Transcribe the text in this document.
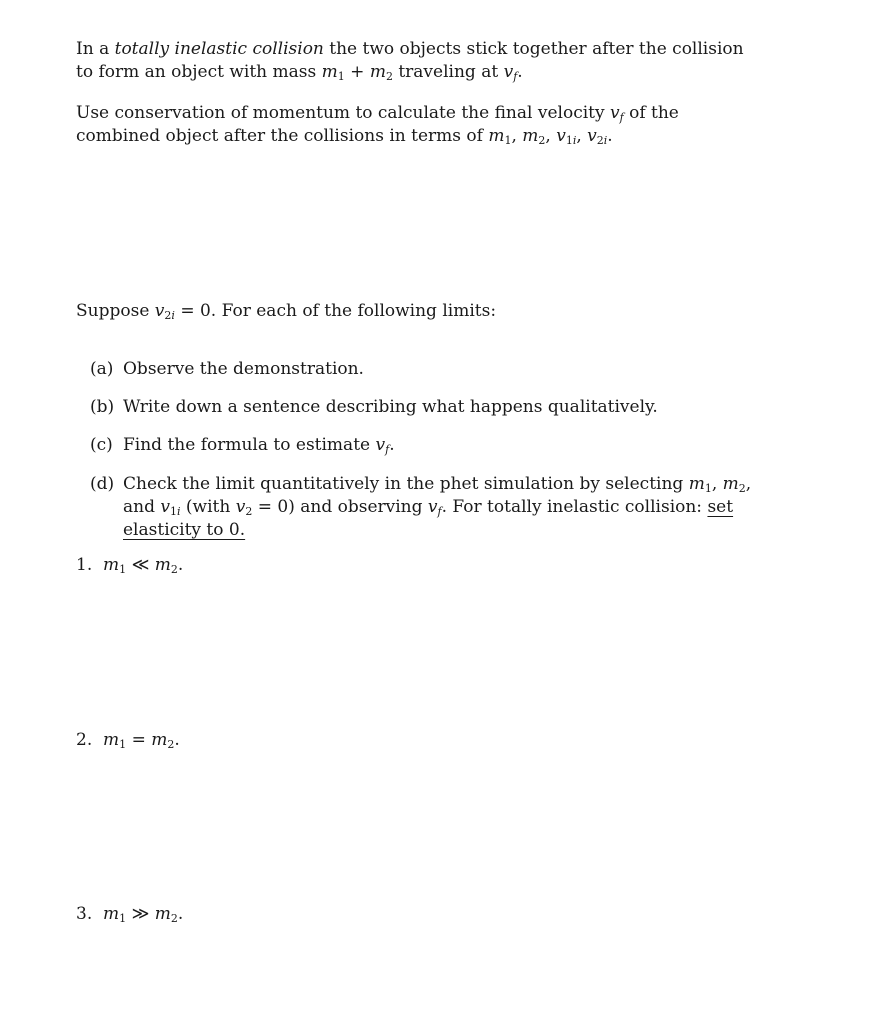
In a totally inelastic collision the two objects stick together after the collision to form an object with mass $m_1 + m_2$ traveling at $v_f$.

Use conservation of momentum to calculate the final velocity $v_f$ of the combined object after the collisions in terms of $m_1$, $m_2$, $v_{1i}$, $v_{2i}$.

Suppose $v_{2i} = 0$. For each of the following limits:

(a) Observe the demonstration.
(b) Write down a sentence describing what happens qualitatively.
(c) Find the formula to estimate $v_f$.
(d) Check the limit quantitatively in the phet simulation by selecting $m_1$, $m_2$, and $v_{1i}$ (with $v_2 = 0$) and observing $v_f$. For totally inelastic collision: set elasticity to 0.

1. $m_1$ ≪ $m_2$.

2. $m_1 = m_2$.

3. $m_1$ ≫ $m_2$.
